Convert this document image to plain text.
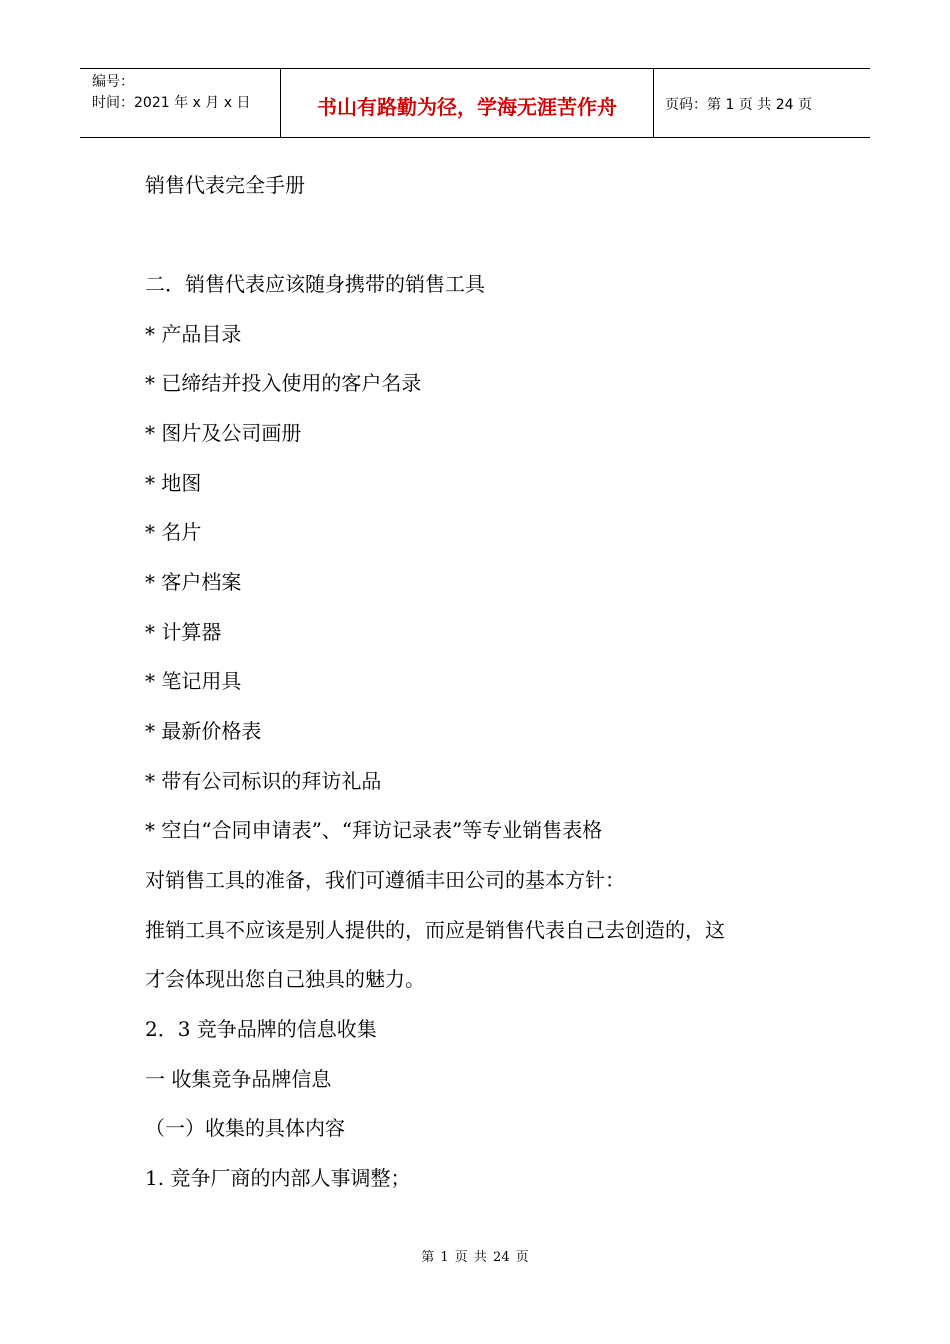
编号：
时间：2021 年 x 月 x 日	书山有路勤为径，学海无涯苦作舟	页码：第 1 页 共 24 页
销售代表完全手册
二．销售代表应该随身携带的销售工具
* 产品目录
* 已缔结并投入使用的客户名录
* 图片及公司画册
* 地图
* 名片
* 客户档案
* 计算器
* 笔记用具
* 最新价格表
* 带有公司标识的拜访礼品
* 空白“合同申请表”、“拜访记录表”等专业销售表格
对销售工具的准备，我们可遵循丰田公司的基本方针：
推销工具不应该是别人提供的，而应是销售代表自己去创造的，这
才会体现出您自己独具的魅力。
2．3 竞争品牌的信息收集
一 收集竞争品牌信息
（一）收集的具体内容
1. 竞争厂商的内部人事调整；
第 1 页 共 24 页
